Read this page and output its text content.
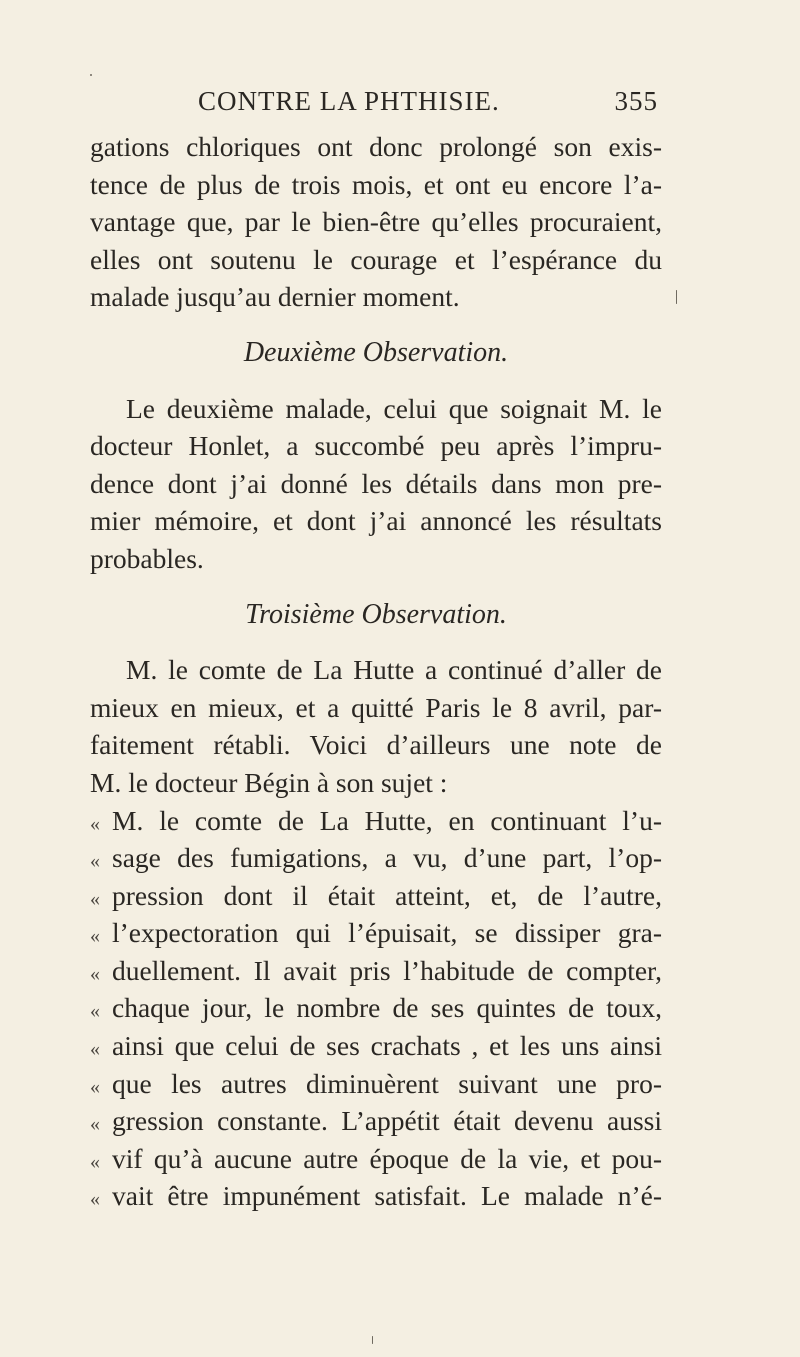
CONTRE LA PHTHISIE.	355
gations chloriques ont donc prolongé son exis-
tence de plus de trois mois, et ont eu encore l’a-
vantage que, par le bien-être qu’elles procuraient,
elles ont soutenu le courage et l’espérance du
malade jusqu’au dernier moment.
Deuxième Observation.
Le deuxième malade, celui que soignait M. le
docteur Honlet, a succombé peu après l’impru-
dence dont j’ai donné les détails dans mon pre-
mier mémoire, et dont j’ai annoncé les résultats
probables.
Troisième Observation.
M. le comte de La Hutte a continué d’aller de
mieux en mieux, et a quitté Paris le 8 avril, par-
faitement rétabli. Voici d’ailleurs une note de
M. le docteur Bégin à son sujet :
« M. le comte de La Hutte, en continuant l’u-
« sage des fumigations, a vu, d’une part, l’op-
« pression dont il était atteint, et, de l’autre,
« l’expectoration qui l’épuisait, se dissiper gra-
« duellement. Il avait pris l’habitude de compter,
« chaque jour, le nombre de ses quintes de toux,
« ainsi que celui de ses crachats , et les uns ainsi
« que les autres diminuèrent suivant une pro-
« gression constante. L’appétit était devenu aussi
« vif qu’à aucune autre époque de la vie, et pou-
« vait être impunément satisfait. Le malade n’é-
